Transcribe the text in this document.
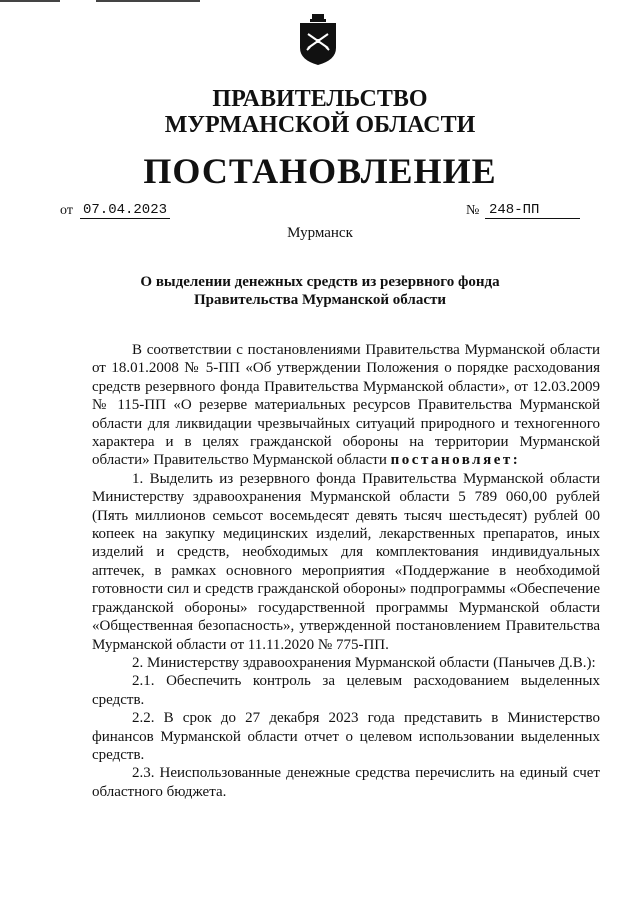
ПРАВИТЕЛЬСТВО
МУРМАНСКОЙ ОБЛАСТИ
ПОСТАНОВЛЕНИЕ
от 07.04.2023	№ 248-ПП
Мурманск
О выделении денежных средств из резервного фонда
Правительства Мурманской области

В соответствии с постановлениями Правительства Мурманской области от 18.01.2008 № 5-ПП «Об утверждении Положения о порядке расходования средств резервного фонда Правительства Мурманской области», от 12.03.2009 № 115-ПП «О резерве материальных ресурсов Правительства Мурманской области для ликвидации чрезвычайных ситуаций природного и техногенного характера и в целях гражданской обороны на территории Мурманской области» Правительство Мурманской области постановляет:

1. Выделить из резервного фонда Правительства Мурманской области Министерству здравоохранения Мурманской области 5 789 060,00 рублей (Пять миллионов семьсот восемьдесят девять тысяч шестьдесят) рублей 00 копеек на закупку медицинских изделий, лекарственных препаратов, иных изделий и средств, необходимых для комплектования индивидуальных аптечек, в рамках основного мероприятия «Поддержание в необходимой готовности сил и средств гражданской обороны» подпрограммы «Обеспечение гражданской обороны» государственной программы Мурманской области «Общественная безопасность», утвержденной постановлением Правительства Мурманской области от 11.11.2020 № 775-ПП.

2. Министерству здравоохранения Мурманской области (Панычев Д.В.):

2.1. Обеспечить контроль за целевым расходованием выделенных средств.

2.2. В срок до 27 декабря 2023 года представить в Министерство финансов Мурманской области отчет о целевом использовании выделенных средств.

2.3. Неиспользованные денежные средства перечислить на единый счет областного бюджета.
